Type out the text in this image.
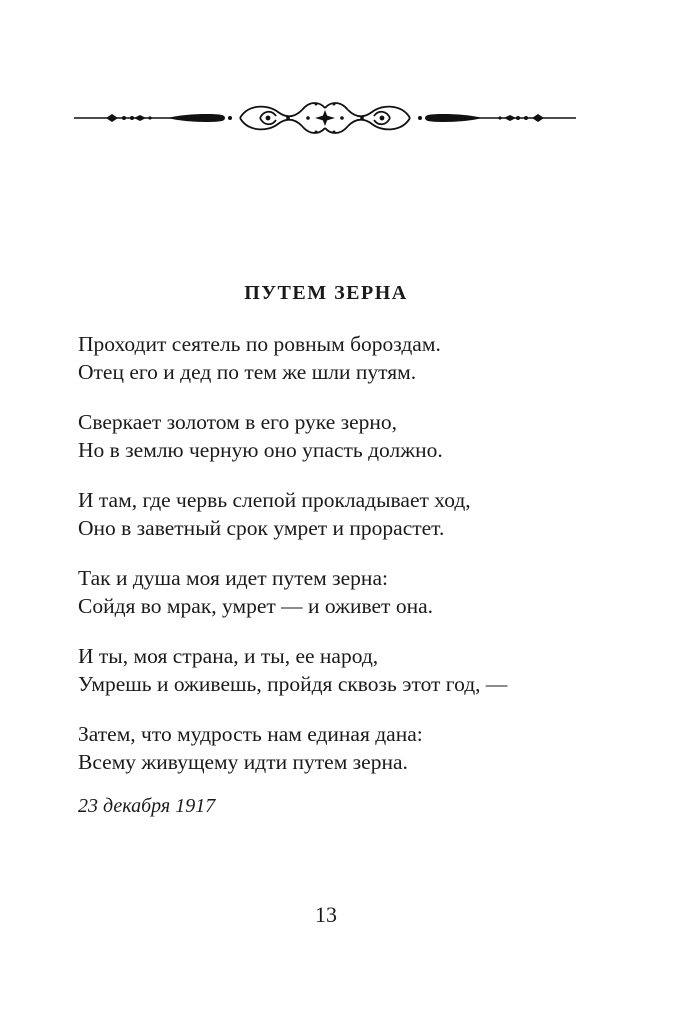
ПУТЕМ ЗЕРНА

Проходит сеятель по ровным бороздам.
Отец его и дед по тем же шли путям.

Сверкает золотом в его руке зерно,
Но в землю черную оно упасть должно.

И там, где червь слепой прокладывает ход,
Оно в заветный срок умрет и прорастет.

Так и душа моя идет путем зерна:
Сойдя во мрак, умрет — и оживет она.

И ты, моя страна, и ты, ее народ,
Умрешь и оживешь, пройдя сквозь этот год, —

Затем, что мудрость нам единая дана:
Всему живущему идти путем зерна.

23 декабря 1917
13
